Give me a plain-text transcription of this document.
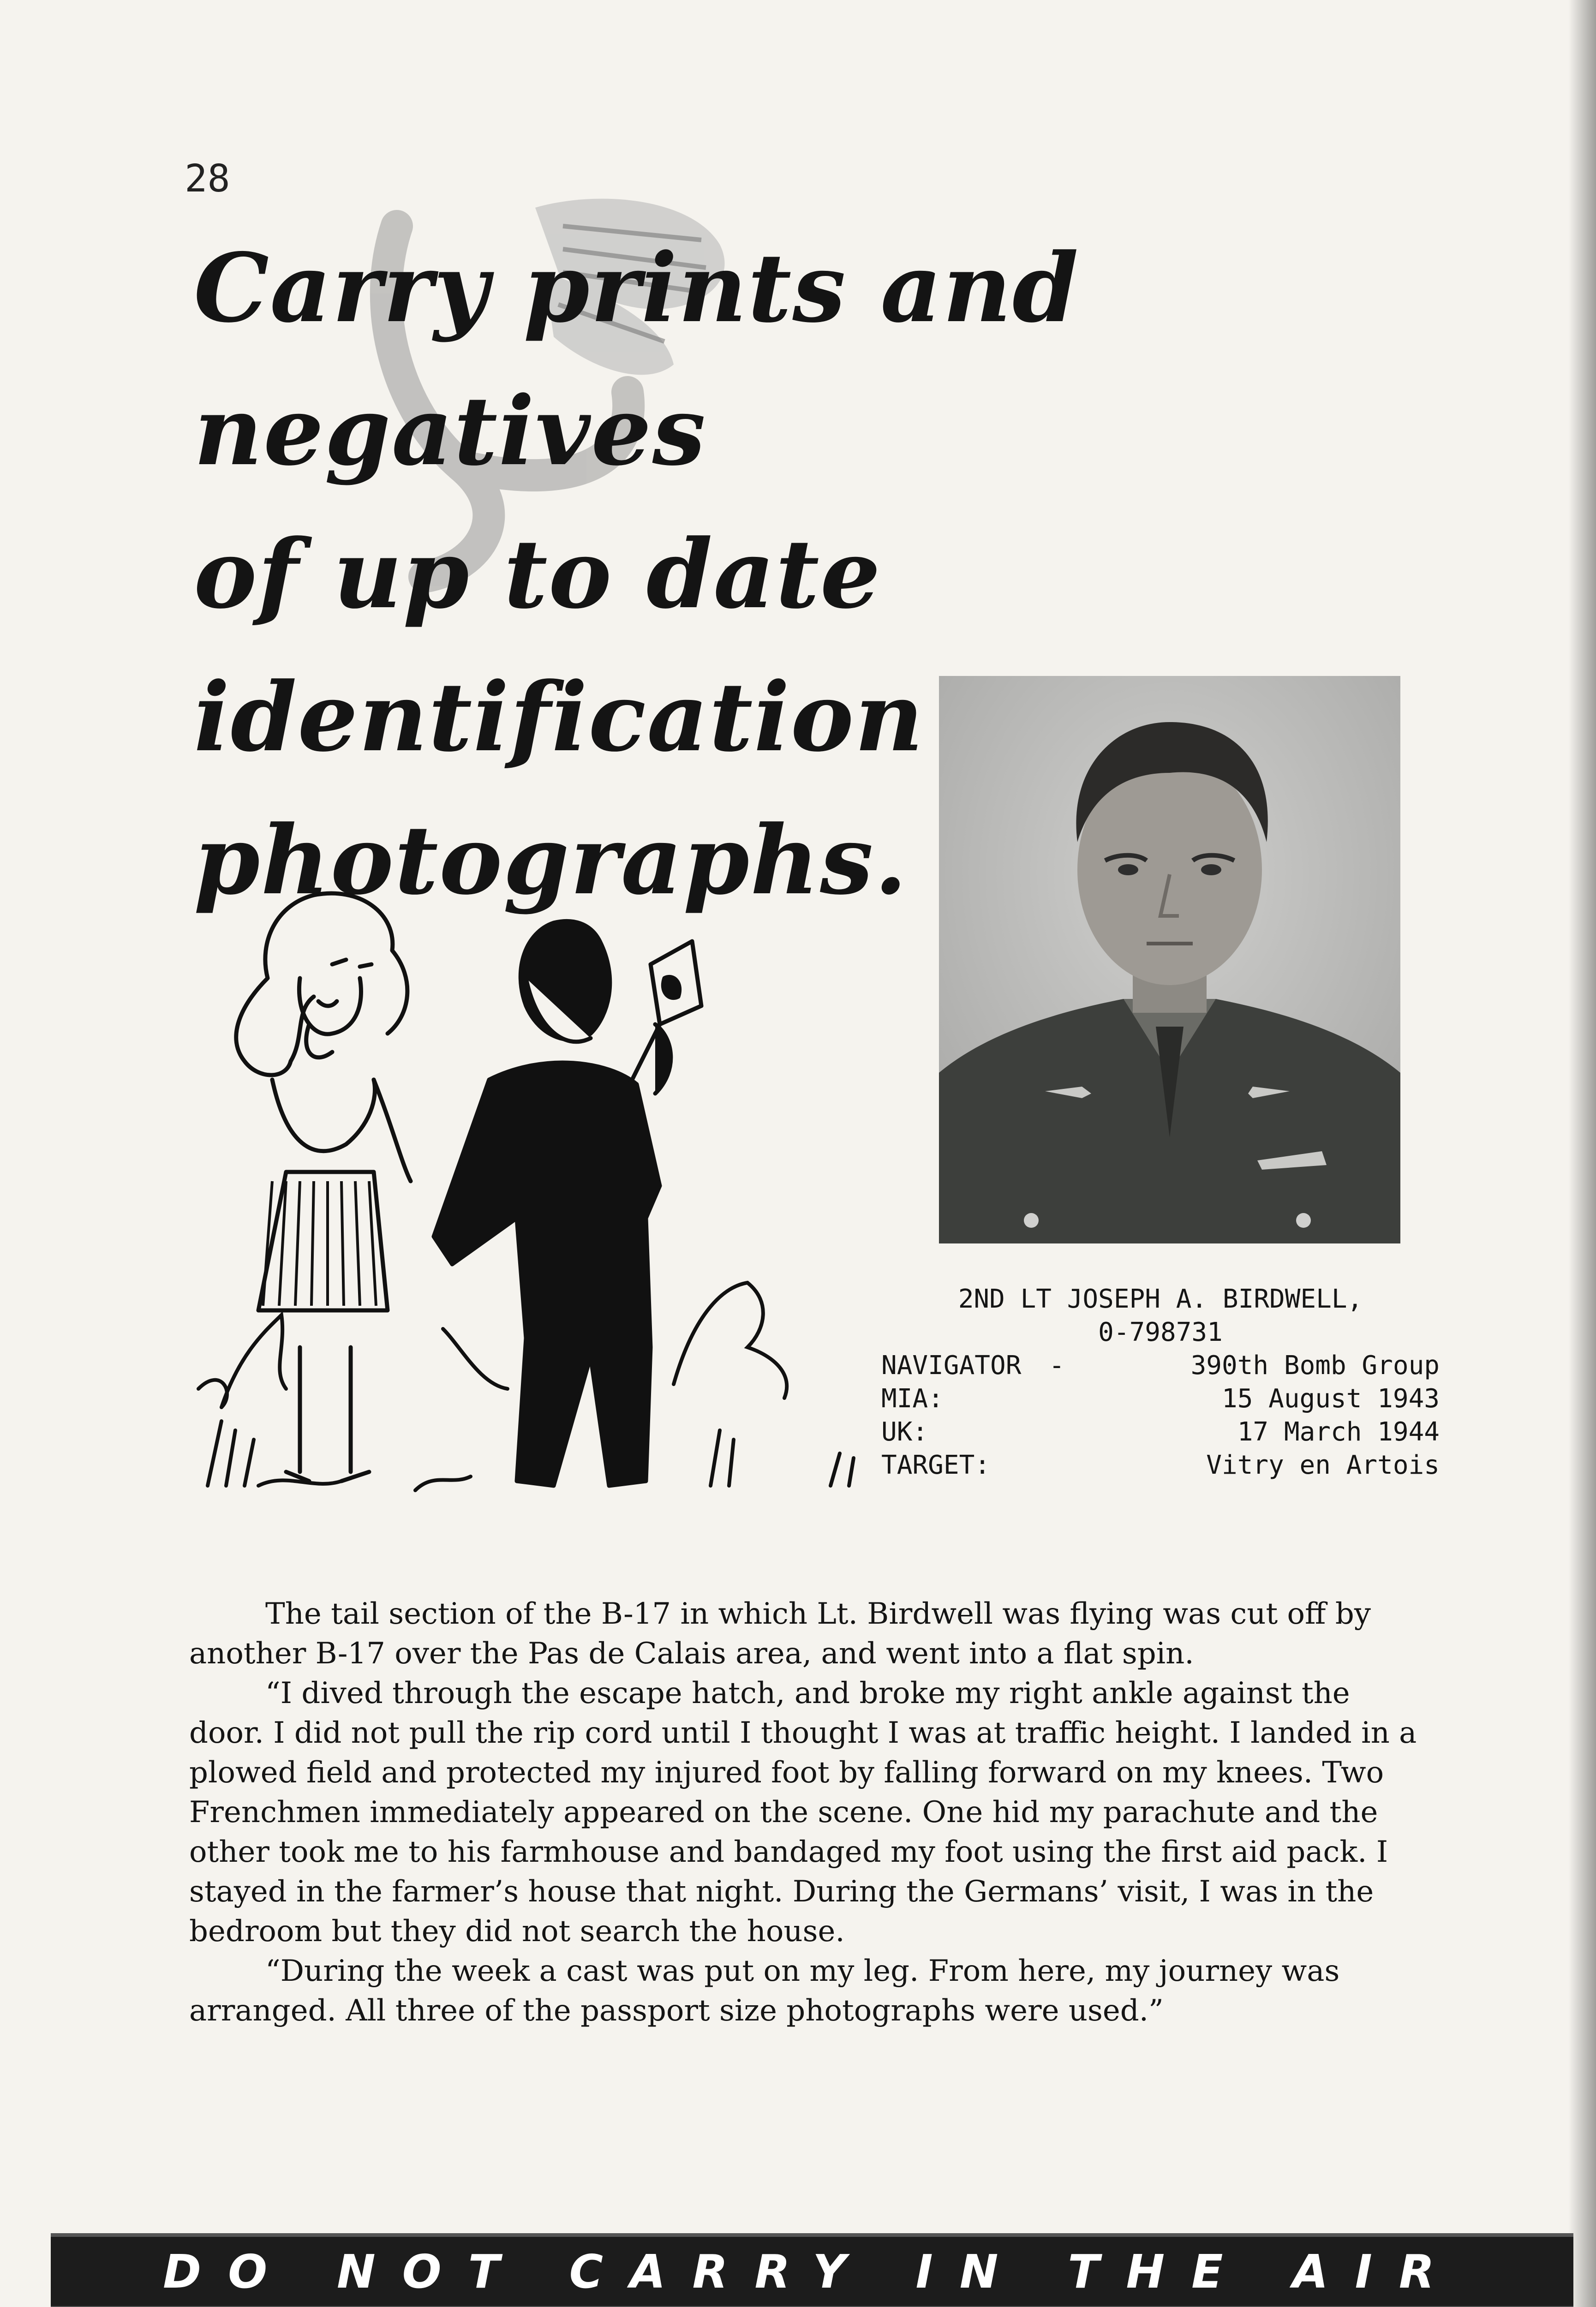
28
Carry prints and negatives
of up to date identification
photographs.
2ND LT JOSEPH A. BIRDWELL,
0-798731
NAVIGATOR -	390th Bomb Group
MIA:	15 August 1943
UK:	17 March 1944
TARGET:	Vitry en Artois

The tail section of the B-17 in which Lt. Birdwell was flying was cut off by another B-17 over the Pas de Calais area, and went into a flat spin.

“I dived through the escape hatch, and broke my right ankle against the door. I did not pull the rip cord until I thought I was at traffic height. I landed in a plowed field and protected my injured foot by falling forward on my knees. Two Frenchmen immediately appeared on the scene. One hid my parachute and the other took me to his farmhouse and bandaged my foot using the first aid pack. I stayed in the farmer’s house that night. During the Germans’ visit, I was in the bedroom but they did not search the house.

“During the week a cast was put on my leg. From here, my journey was arranged. All three of the passport size photographs were used.”

DO NOT CARRY IN THE AIR
